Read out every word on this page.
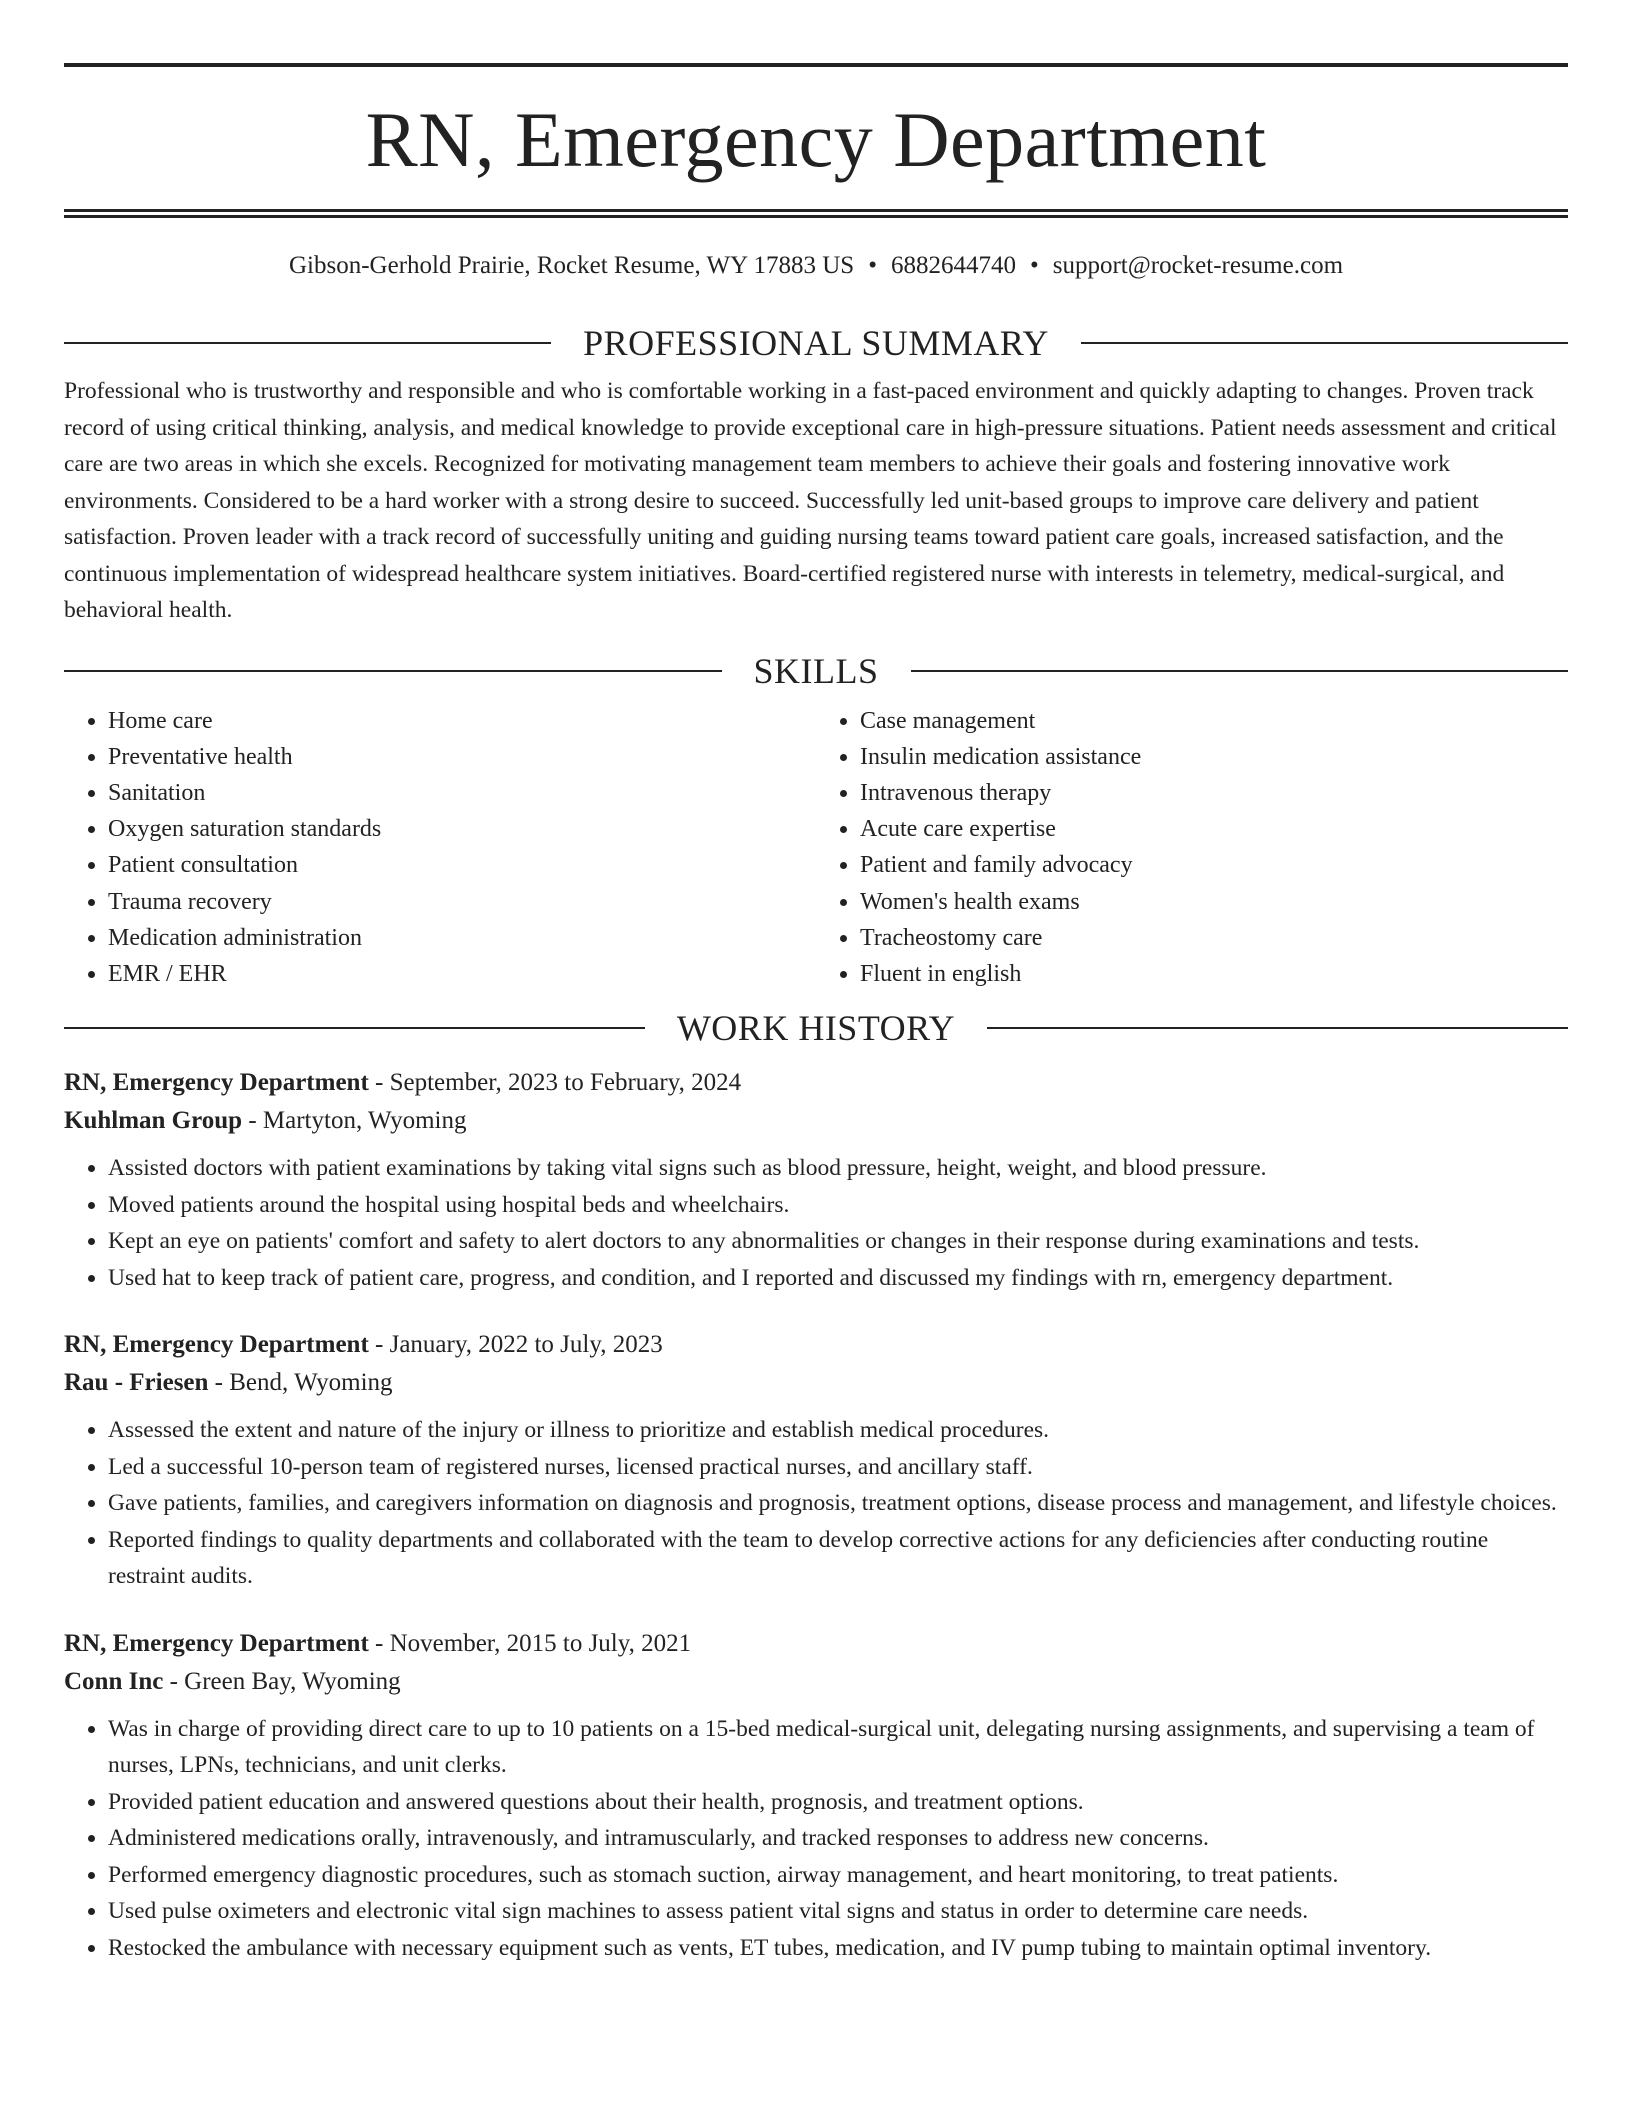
RN, Emergency Department
Gibson-Gerhold Prairie, Rocket Resume, WY 17883 US • 6882644740 • support@rocket-resume.com
PROFESSIONAL SUMMARY
Professional who is trustworthy and responsible and who is comfortable working in a fast-paced environment and quickly adapting to changes. Proven track record of using critical thinking, analysis, and medical knowledge to provide exceptional care in high-pressure situations. Patient needs assessment and critical care are two areas in which she excels. Recognized for motivating management team members to achieve their goals and fostering innovative work environments. Considered to be a hard worker with a strong desire to succeed. Successfully led unit-based groups to improve care delivery and patient satisfaction. Proven leader with a track record of successfully uniting and guiding nursing teams toward patient care goals, increased satisfaction, and the continuous implementation of widespread healthcare system initiatives. Board-certified registered nurse with interests in telemetry, medical-surgical, and behavioral health.
SKILLS
• Home care
• Preventative health
• Sanitation
• Oxygen saturation standards
• Patient consultation
• Trauma recovery
• Medication administration
• EMR / EHR
• Case management
• Insulin medication assistance
• Intravenous therapy
• Acute care expertise
• Patient and family advocacy
• Women's health exams
• Tracheostomy care
• Fluent in english
WORK HISTORY
RN, Emergency Department - September, 2023 to February, 2024
Kuhlman Group - Martyton, Wyoming
• Assisted doctors with patient examinations by taking vital signs such as blood pressure, height, weight, and blood pressure.
• Moved patients around the hospital using hospital beds and wheelchairs.
• Kept an eye on patients' comfort and safety to alert doctors to any abnormalities or changes in their response during examinations and tests.
• Used hat to keep track of patient care, progress, and condition, and I reported and discussed my findings with rn, emergency department.
RN, Emergency Department - January, 2022 to July, 2023
Rau - Friesen - Bend, Wyoming
• Assessed the extent and nature of the injury or illness to prioritize and establish medical procedures.
• Led a successful 10-person team of registered nurses, licensed practical nurses, and ancillary staff.
• Gave patients, families, and caregivers information on diagnosis and prognosis, treatment options, disease process and management, and lifestyle choices.
• Reported findings to quality departments and collaborated with the team to develop corrective actions for any deficiencies after conducting routine restraint audits.
RN, Emergency Department - November, 2015 to July, 2021
Conn Inc - Green Bay, Wyoming
• Was in charge of providing direct care to up to 10 patients on a 15-bed medical-surgical unit, delegating nursing assignments, and supervising a team of nurses, LPNs, technicians, and unit clerks.
• Provided patient education and answered questions about their health, prognosis, and treatment options.
• Administered medications orally, intravenously, and intramuscularly, and tracked responses to address new concerns.
• Performed emergency diagnostic procedures, such as stomach suction, airway management, and heart monitoring, to treat patients.
• Used pulse oximeters and electronic vital sign machines to assess patient vital signs and status in order to determine care needs.
• Restocked the ambulance with necessary equipment such as vents, ET tubes, medication, and IV pump tubing to maintain optimal inventory.
